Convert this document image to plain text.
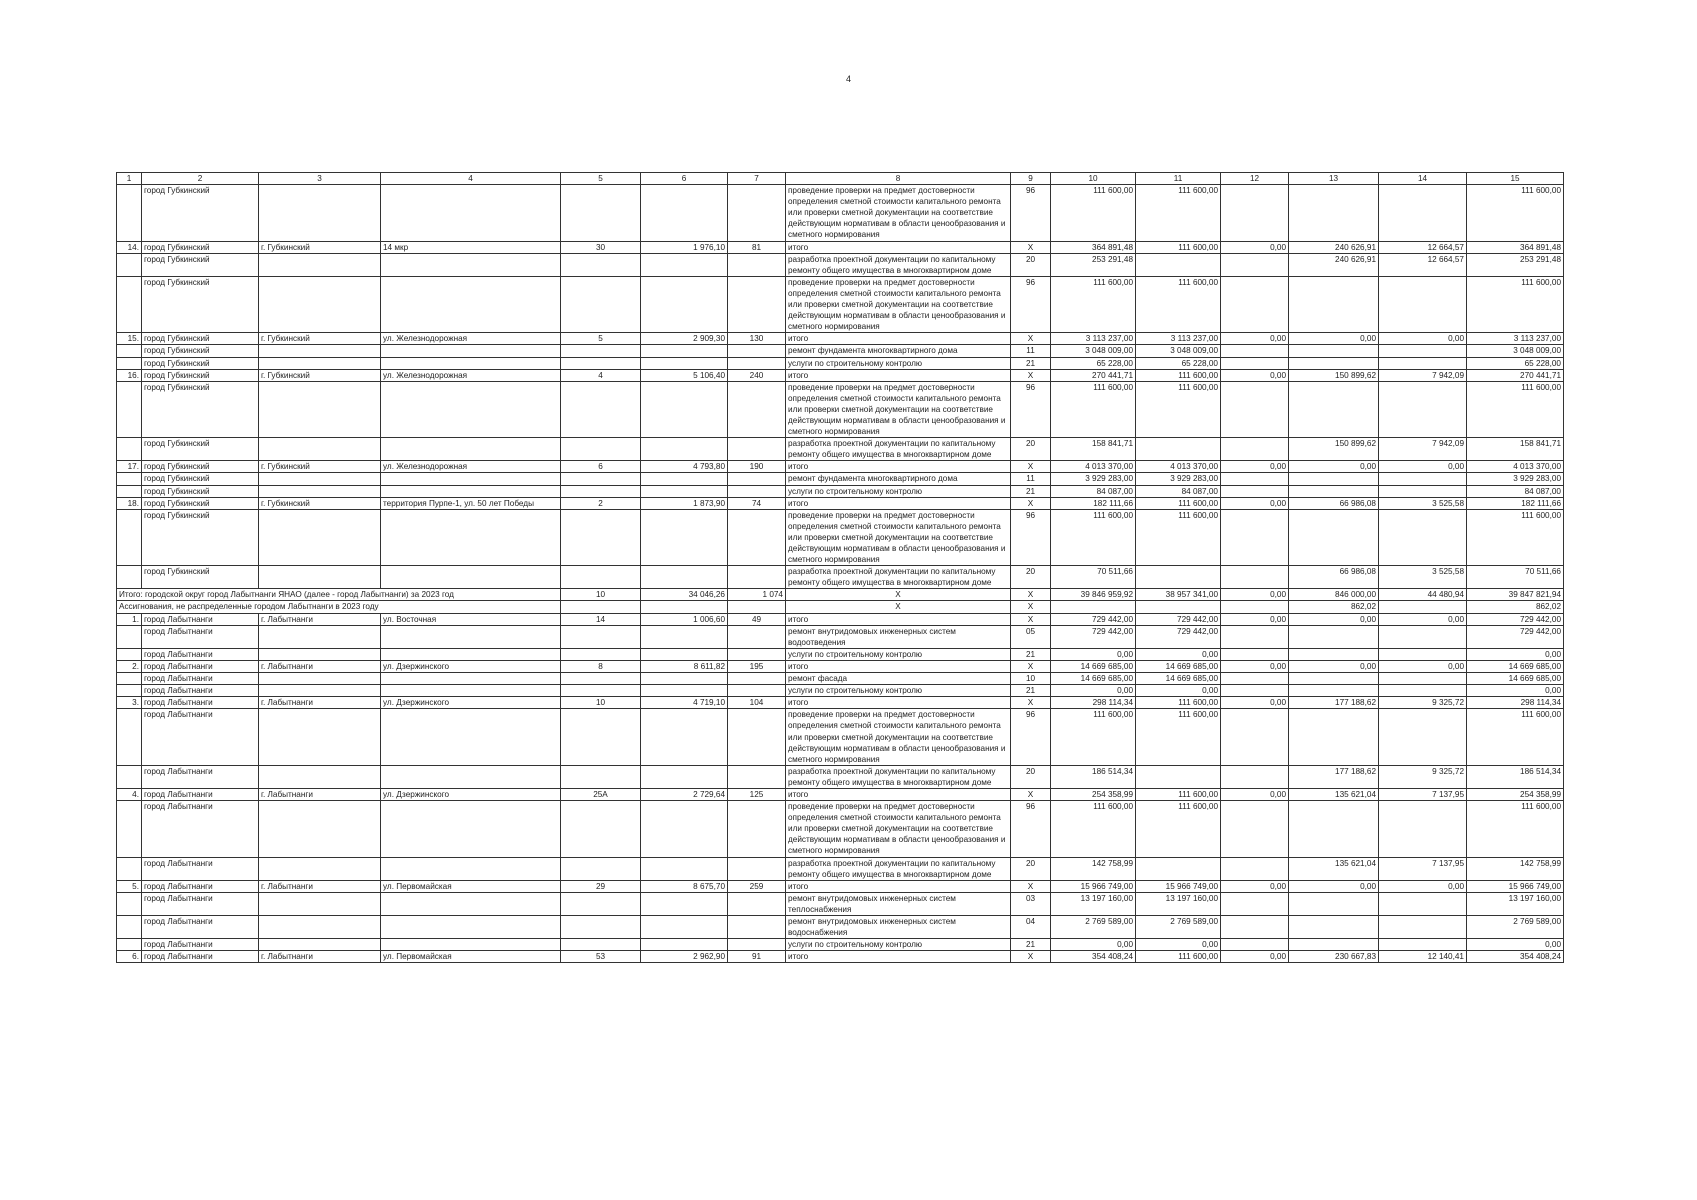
4
1	2	3	4	5	6	7	8	9	10	11	12	13	14	15
	город Губкинский						проведение проверки на предмет достоверности определения сметной стоимости капитального ремонта или проверки сметной документации на соответствие действующим нормативам в области ценообразования и сметного нормирования	96	111 600,00	111 600,00				111 600,00
14.	город Губкинский	г. Губкинский	14 мкр	30	1 976,10	81	итого	X	364 891,48	111 600,00	0,00	240 626,91	12 664,57	364 891,48
	город Губкинский						разработка проектной документации по капитальному ремонту общего имущества в многоквартирном доме	20	253 291,48			240 626,91	12 664,57	253 291,48
	город Губкинский						проведение проверки на предмет достоверности определения сметной стоимости капитального ремонта или проверки сметной документации на соответствие действующим нормативам в области ценообразования и сметного нормирования	96	111 600,00	111 600,00				111 600,00
15.	город Губкинский	г. Губкинский	ул. Железнодорожная	5	2 909,30	130	итого	X	3 113 237,00	3 113 237,00	0,00	0,00	0,00	3 113 237,00
	город Губкинский						ремонт фундамента многоквартирного дома	11	3 048 009,00	3 048 009,00				3 048 009,00
	город Губкинский						услуги по строительному контролю	21	65 228,00	65 228,00				65 228,00
16.	город Губкинский	г. Губкинский	ул. Железнодорожная	4	5 106,40	240	итого	X	270 441,71	111 600,00	0,00	150 899,62	7 942,09	270 441,71
	город Губкинский						проведение проверки на предмет достоверности определения сметной стоимости капитального ремонта или проверки сметной документации на соответствие действующим нормативам в области ценообразования и сметного нормирования	96	111 600,00	111 600,00				111 600,00
	город Губкинский						разработка проектной документации по капитальному ремонту общего имущества в многоквартирном доме	20	158 841,71			150 899,62	7 942,09	158 841,71
17.	город Губкинский	г. Губкинский	ул. Железнодорожная	6	4 793,80	190	итого	X	4 013 370,00	4 013 370,00	0,00	0,00	0,00	4 013 370,00
	город Губкинский						ремонт фундамента многоквартирного дома	11	3 929 283,00	3 929 283,00				3 929 283,00
	город Губкинский						услуги по строительному контролю	21	84 087,00	84 087,00				84 087,00
18.	город Губкинский	г. Губкинский	территория Пурпе-1, ул. 50 лет Победы	2	1 873,90	74	итого	X	182 111,66	111 600,00	0,00	66 986,08	3 525,58	182 111,66
	город Губкинский						проведение проверки на предмет достоверности определения сметной стоимости капитального ремонта или проверки сметной документации на соответствие действующим нормативам в области ценообразования и сметного нормирования	96	111 600,00	111 600,00				111 600,00
	город Губкинский						разработка проектной документации по капитальному ремонту общего имущества в многоквартирном доме	20	70 511,66			66 986,08	3 525,58	70 511,66
Итого: городской округ город Лабытнанги ЯНАО (далее - город Лабытнанги) за 2023 год				10	34 046,26	1 074	X	X	39 846 959,92	38 957 341,00	0,00	846 000,00	44 480,94	39 847 821,94
Ассигнования, не распределенные городом Лабытнанги в 2023 году							X	X				862,02		862,02
1.	город Лабытнанги	г. Лабытнанги	ул. Восточная	14	1 006,60	49	итого	X	729 442,00	729 442,00	0,00	0,00	0,00	729 442,00
	город Лабытнанги						ремонт внутридомовых инженерных систем водоотведения	05	729 442,00	729 442,00				729 442,00
	город Лабытнанги						услуги по строительному контролю	21	0,00	0,00				0,00
2.	город Лабытнанги	г. Лабытнанги	ул. Дзержинского	8	8 611,82	195	итого	X	14 669 685,00	14 669 685,00	0,00	0,00	0,00	14 669 685,00
	город Лабытнанги						ремонт фасада	10	14 669 685,00	14 669 685,00				14 669 685,00
	город Лабытнанги						услуги по строительному контролю	21	0,00	0,00				0,00
3.	город Лабытнанги	г. Лабытнанги	ул. Дзержинского	10	4 719,10	104	итого	X	298 114,34	111 600,00	0,00	177 188,62	9 325,72	298 114,34
	город Лабытнанги						проведение проверки на предмет достоверности определения сметной стоимости капитального ремонта или проверки сметной документации на соответствие действующим нормативам в области ценообразования и сметного нормирования	96	111 600,00	111 600,00				111 600,00
	город Лабытнанги						разработка проектной документации по капитальному ремонту общего имущества в многоквартирном доме	20	186 514,34			177 188,62	9 325,72	186 514,34
4.	город Лабытнанги	г. Лабытнанги	ул. Дзержинского	25А	2 729,64	125	итого	X	254 358,99	111 600,00	0,00	135 621,04	7 137,95	254 358,99
	город Лабытнанги						проведение проверки на предмет достоверности определения сметной стоимости капитального ремонта или проверки сметной документации на соответствие действующим нормативам в области ценообразования и сметного нормирования	96	111 600,00	111 600,00				111 600,00
	город Лабытнанги						разработка проектной документации по капитальному ремонту общего имущества в многоквартирном доме	20	142 758,99			135 621,04	7 137,95	142 758,99
5.	город Лабытнанги	г. Лабытнанги	ул. Первомайская	29	8 675,70	259	итого	X	15 966 749,00	15 966 749,00	0,00	0,00	0,00	15 966 749,00
	город Лабытнанги						ремонт внутридомовых инженерных систем теплоснабжения	03	13 197 160,00	13 197 160,00				13 197 160,00
	город Лабытнанги						ремонт внутридомовых инженерных систем водоснабжения	04	2 769 589,00	2 769 589,00				2 769 589,00
	город Лабытнанги						услуги по строительному контролю	21	0,00	0,00				0,00
6.	город Лабытнанги	г. Лабытнанги	ул. Первомайская	53	2 962,90	91	итого	X	354 408,24	111 600,00	0,00	230 667,83	12 140,41	354 408,24
